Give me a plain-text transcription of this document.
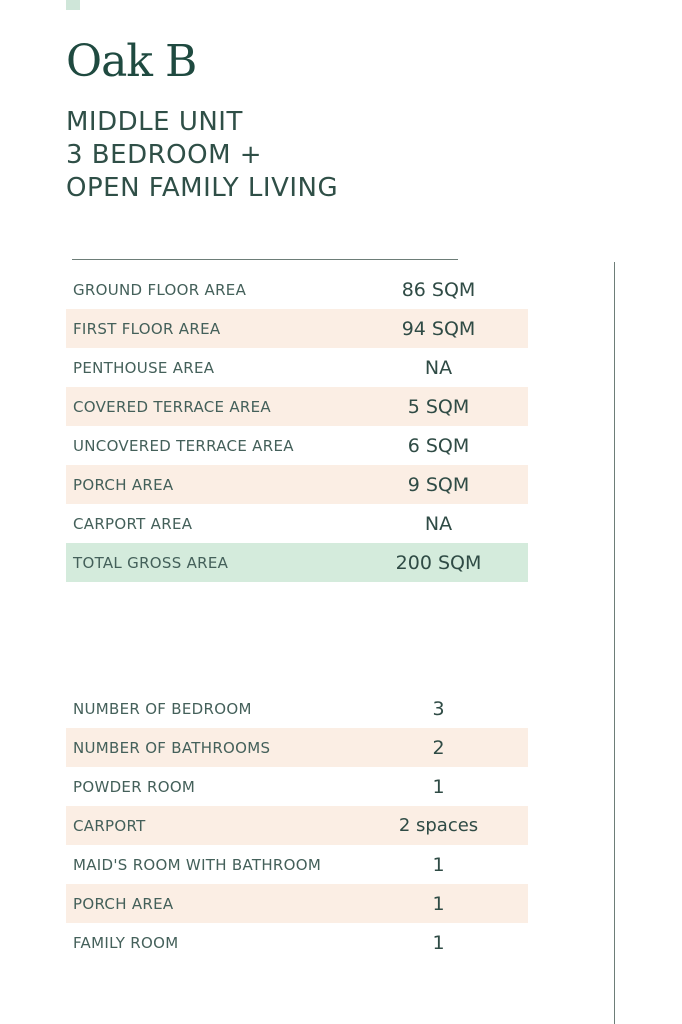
Oak B
MIDDLE UNIT
3 BEDROOM +
OPEN FAMILY LIVING
GROUND FLOOR AREA	86 SQM
FIRST FLOOR AREA	94 SQM
PENTHOUSE AREA	NA
COVERED TERRACE AREA	5 SQM
UNCOVERED TERRACE AREA	6 SQM
PORCH AREA	9 SQM
CARPORT AREA	NA
TOTAL GROSS AREA	200 SQM
NUMBER OF BEDROOM	3
NUMBER OF BATHROOMS	2
POWDER ROOM	1
CARPORT	2 spaces
MAID'S ROOM WITH BATHROOM	1
PORCH AREA	1
FAMILY ROOM	1
